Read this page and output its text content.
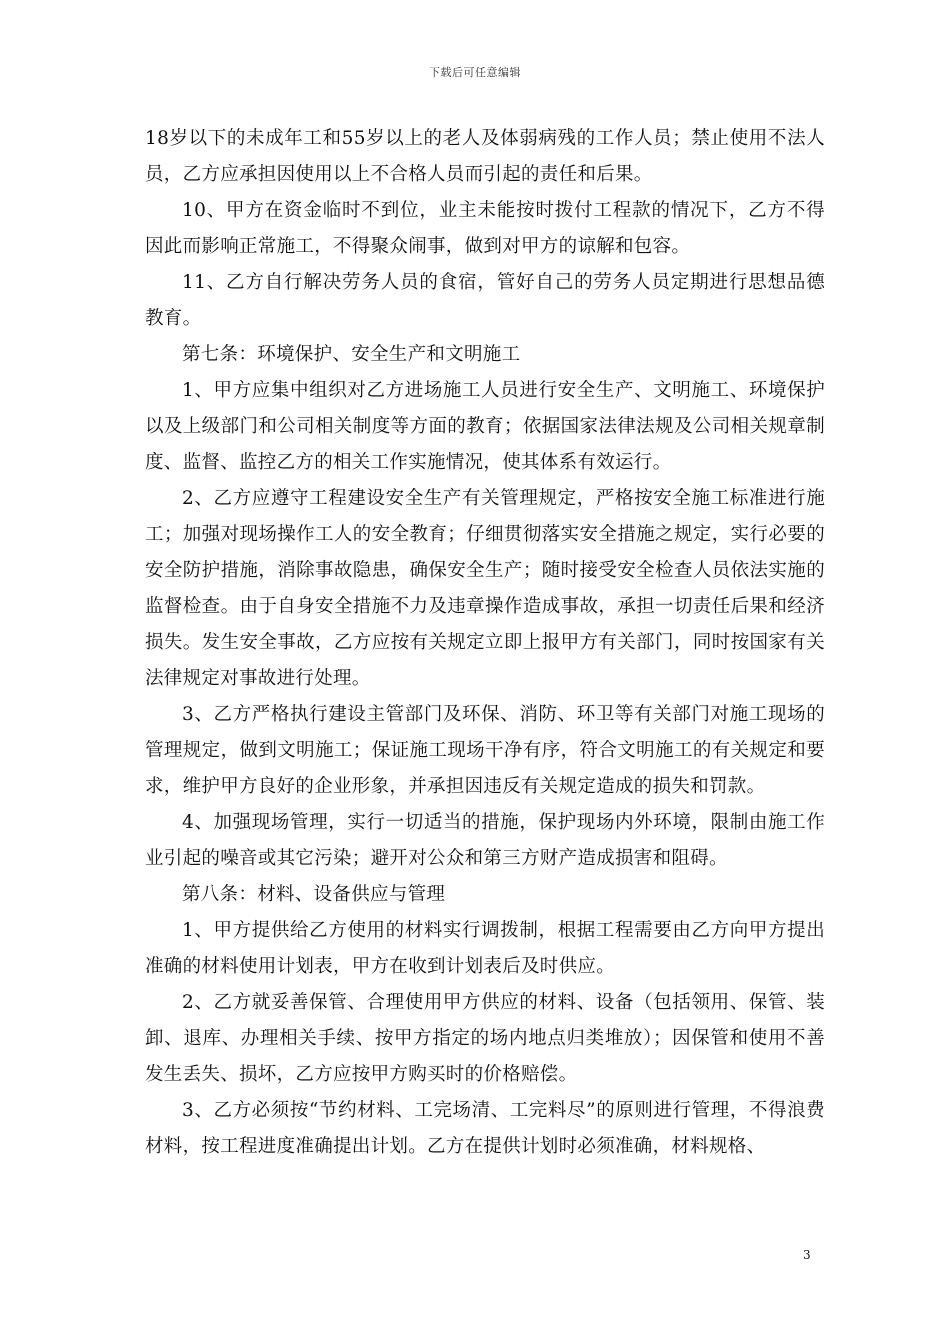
下载后可任意编辑

18岁以下的未成年工和55岁以上的老人及体弱病残的工作人员；禁止使用不法人员，乙方应承担因使用以上不合格人员而引起的责任和后果。

10、甲方在资金临时不到位，业主未能按时拨付工程款的情况下，乙方不得因此而影响正常施工，不得聚众闹事，做到对甲方的谅解和包容。

11、乙方自行解决劳务人员的食宿，管好自己的劳务人员定期进行思想品德教育。

第七条：环境保护、安全生产和文明施工

1、甲方应集中组织对乙方进场施工人员进行安全生产、文明施工、环境保护以及上级部门和公司相关制度等方面的教育；依据国家法律法规及公司相关规章制度、监督、监控乙方的相关工作实施情况，使其体系有效运行。

2、乙方应遵守工程建设安全生产有关管理规定，严格按安全施工标准进行施工；加强对现场操作工人的安全教育；仔细贯彻落实安全措施之规定，实行必要的安全防护措施，消除事故隐患，确保安全生产；随时接受安全检查人员依法实施的监督检查。由于自身安全措施不力及违章操作造成事故，承担一切责任后果和经济损失。发生安全事故，乙方应按有关规定立即上报甲方有关部门，同时按国家有关法律规定对事故进行处理。

3、乙方严格执行建设主管部门及环保、消防、环卫等有关部门对施工现场的管理规定，做到文明施工；保证施工现场干净有序，符合文明施工的有关规定和要求，维护甲方良好的企业形象，并承担因违反有关规定造成的损失和罚款。

4、加强现场管理，实行一切适当的措施，保护现场内外环境，限制由施工作业引起的噪音或其它污染；避开对公众和第三方财产造成损害和阻碍。

第八条：材料、设备供应与管理

1、甲方提供给乙方使用的材料实行调拨制，根据工程需要由乙方向甲方提出准确的材料使用计划表，甲方在收到计划表后及时供应。

2、乙方就妥善保管、合理使用甲方供应的材料、设备（包括领用、保管、装卸、退库、办理相关手续、按甲方指定的场内地点归类堆放）；因保管和使用不善发生丢失、损坏，乙方应按甲方购买时的价格赔偿。

3、乙方必须按“节约材料、工完场清、工完料尽”的原则进行管理，不得浪费材料，按工程进度准确提出计划。乙方在提供计划时必须准确，材料规格、

3
